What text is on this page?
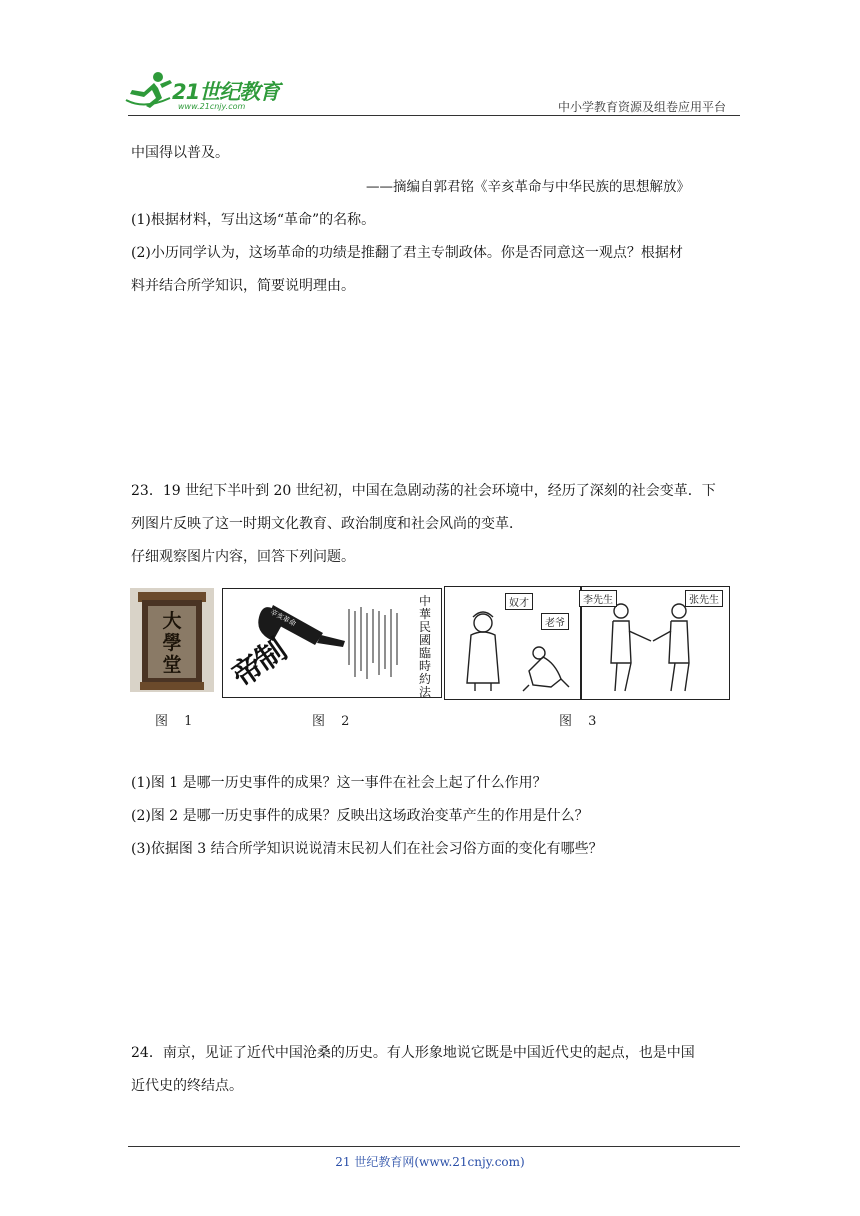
21世纪教育
www.21cnjy.com	中小学教育资源及组卷应用平台
中国得以普及。
——摘编自郭君铭《辛亥革命与中华民族的思想解放》
(1)根据材料，写出这场“革命”的名称。
(2)小历同学认为，这场革命的功绩是推翻了君主专制政体。你是否同意这一观点？根据材
料并结合所学知识，简要说明理由。
23．19 世纪下半叶到 20 世纪初，中国在急剧动荡的社会环境中，经历了深刻的社会变革．下
列图片反映了这一时期文化教育、政治制度和社会风尚的变革．
仔细观察图片内容，回答下列问题。
大學堂
辛亥革命
帝制
中華民國臨時約法
奴才
老爷
李先生	张先生
图 1	图 2	图 3
(1)图 1 是哪一历史事件的成果？这一事件在社会上起了什么作用？
(2)图 2 是哪一历史事件的成果？反映出这场政治变革产生的作用是什么？
(3)依据图 3 结合所学知识说说清末民初人们在社会习俗方面的变化有哪些？
24．南京，见证了近代中国沧桑的历史。有人形象地说它既是中国近代史的起点，也是中国
近代史的终结点。
21 世纪教育网(www.21cnjy.com)
